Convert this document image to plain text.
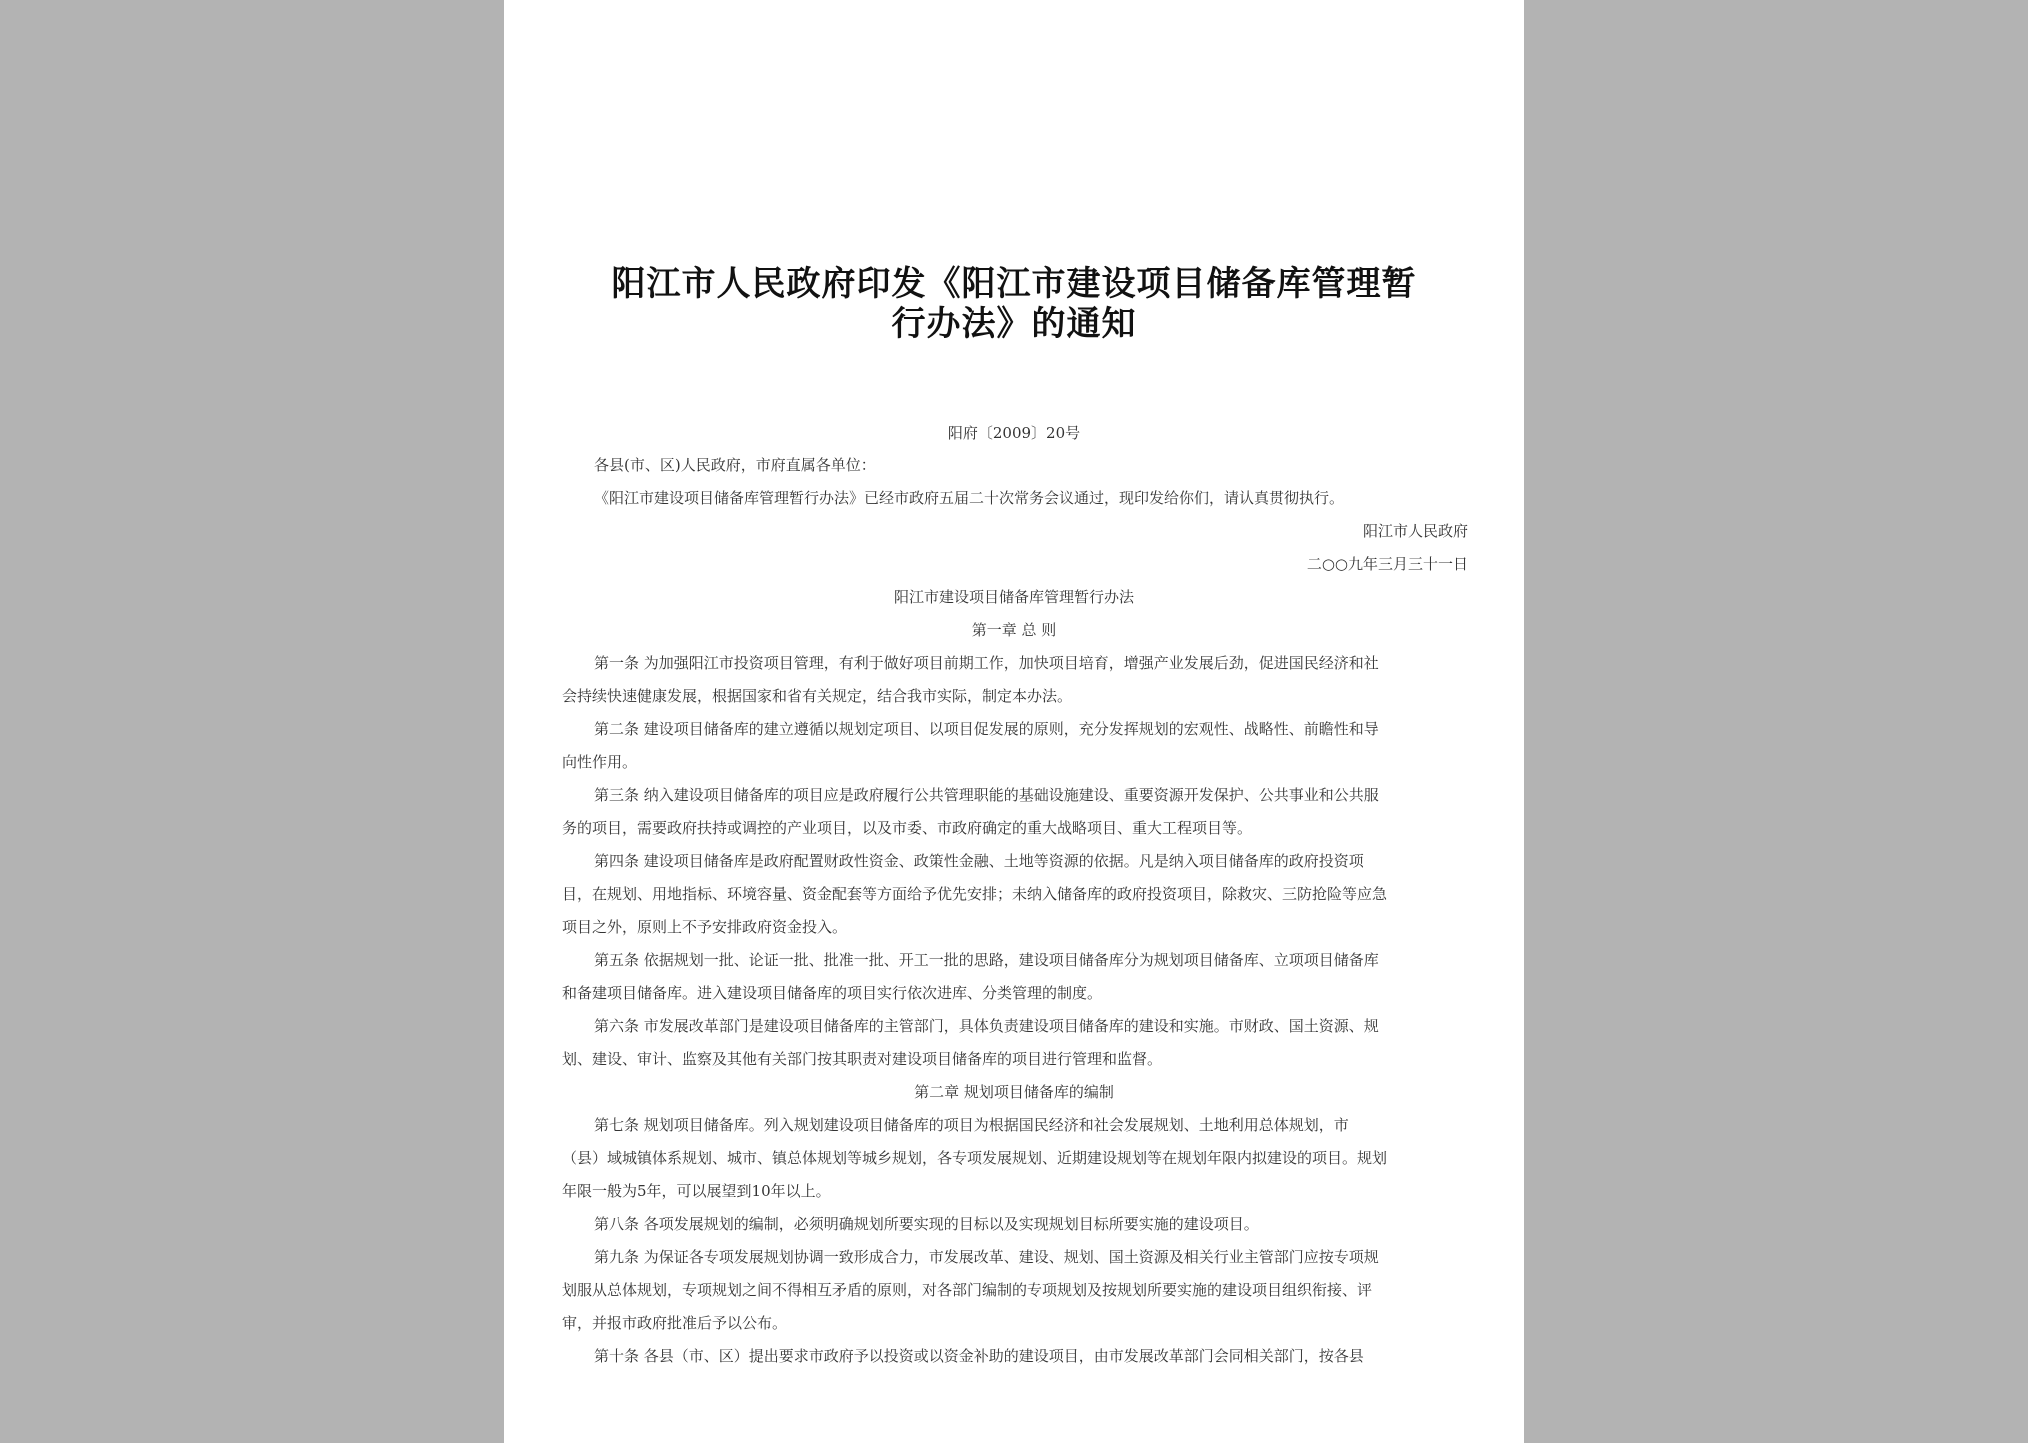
阳江市人民政府印发《阳江市建设项目储备库管理暂
行办法》的通知
阳府〔2009〕20号
各县(市、区)人民政府，市府直属各单位：
《阳江市建设项目储备库管理暂行办法》已经市政府五届二十次常务会议通过，现印发给你们，请认真贯彻执行。
阳江市人民政府
二○○九年三月三十一日
阳江市建设项目储备库管理暂行办法
第一章 总 则
第一条 为加强阳江市投资项目管理，有利于做好项目前期工作，加快项目培育，增强产业发展后劲，促进国民经济和社
会持续快速健康发展，根据国家和省有关规定，结合我市实际，制定本办法。
第二条 建设项目储备库的建立遵循以规划定项目、以项目促发展的原则，充分发挥规划的宏观性、战略性、前瞻性和导
向性作用。
第三条 纳入建设项目储备库的项目应是政府履行公共管理职能的基础设施建设、重要资源开发保护、公共事业和公共服
务的项目，需要政府扶持或调控的产业项目，以及市委、市政府确定的重大战略项目、重大工程项目等。
第四条 建设项目储备库是政府配置财政性资金、政策性金融、土地等资源的依据。凡是纳入项目储备库的政府投资项
目，在规划、用地指标、环境容量、资金配套等方面给予优先安排；未纳入储备库的政府投资项目，除救灾、三防抢险等应急
项目之外，原则上不予安排政府资金投入。
第五条 依据规划一批、论证一批、批准一批、开工一批的思路，建设项目储备库分为规划项目储备库、立项项目储备库
和备建项目储备库。进入建设项目储备库的项目实行依次进库、分类管理的制度。
第六条 市发展改革部门是建设项目储备库的主管部门，具体负责建设项目储备库的建设和实施。市财政、国土资源、规
划、建设、审计、监察及其他有关部门按其职责对建设项目储备库的项目进行管理和监督。
第二章 规划项目储备库的编制
第七条 规划项目储备库。列入规划建设项目储备库的项目为根据国民经济和社会发展规划、土地利用总体规划，市
（县）域城镇体系规划、城市、镇总体规划等城乡规划，各专项发展规划、近期建设规划等在规划年限内拟建设的项目。规划
年限一般为5年，可以展望到10年以上。
第八条 各项发展规划的编制，必须明确规划所要实现的目标以及实现规划目标所要实施的建设项目。
第九条 为保证各专项发展规划协调一致形成合力，市发展改革、建设、规划、国土资源及相关行业主管部门应按专项规
划服从总体规划，专项规划之间不得相互矛盾的原则，对各部门编制的专项规划及按规划所要实施的建设项目组织衔接、评
审，并报市政府批准后予以公布。
第十条 各县（市、区）提出要求市政府予以投资或以资金补助的建设项目，由市发展改革部门会同相关部门，按各县
